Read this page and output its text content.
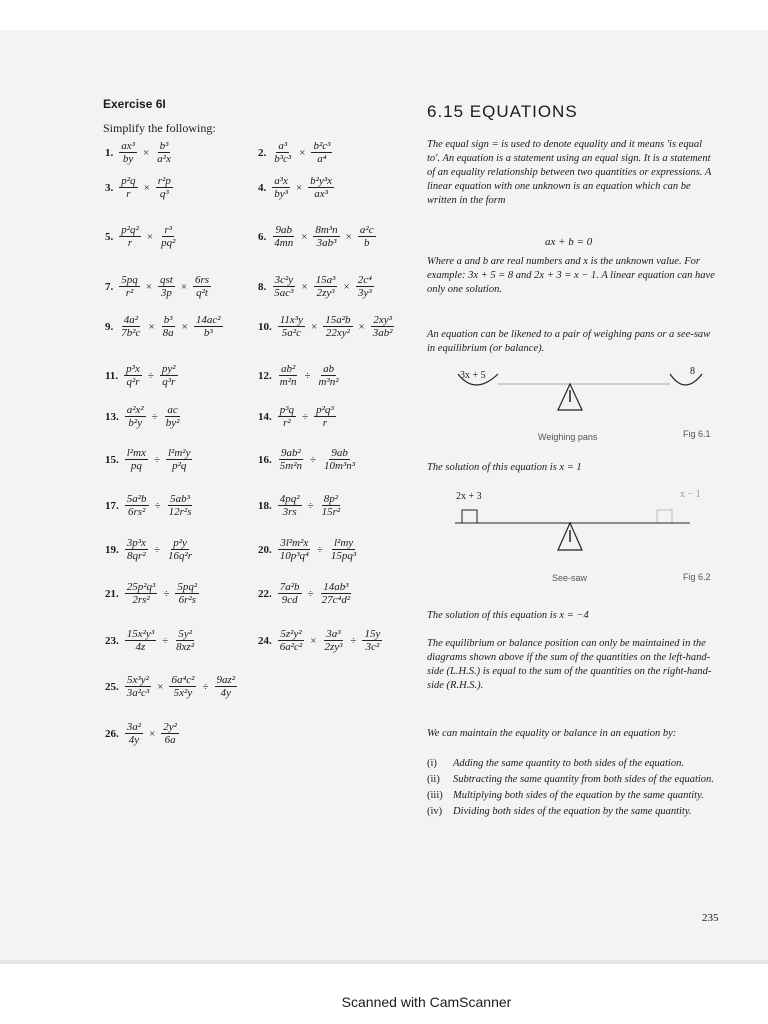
Exercise 6I
Simplify the following:
1. $\frac{\text{ax³}}{by} \times \frac{\text{b³}}{\text{a²x}}$	2. $\frac{\text{a³}}{\text{b³c³}} \times \frac{\text{b²c³}}{\text{a⁴}}$
3. $\frac{\text{p²q}}{r} \times \frac{\text{r²p}}{\text{q³}}$	4. $\frac{\text{a³x}}{\text{by³}} \times \frac{\text{b²y³x}}{\text{ax³}}$
5. $\frac{\text{p²q²}}{r} \times \frac{\text{r³}}{\text{pq²}}$	6. $\frac{9ab}{4mn} \times \frac{\text{8m³n}}{\text{3ab³}} \times \frac{\text{a²c}}{b}$
7. $\frac{5pq}{\text{r²}} \times \frac{\text{qst}}{3p} \times \frac{6rs}{\text{q²t}}$	8. $\frac{\text{3c²y}}{\text{5ac³}} \times \frac{\text{15a³}}{\text{2zy³}} \times \frac{\text{2c⁴}}{\text{3y³}}$
9. $\frac{\text{4a²}}{\text{7b²c}} \times \frac{\text{b³}}{8a} \times \frac{\text{14ac²}}{\text{b³}}$	10. $\frac{\text{11x³y}}{\text{5a²c}} \times \frac{\text{15a²b}}{\text{22xy²}} \times \frac{\text{2xy³}}{\text{3ab²}}$
11. $\frac{\text{p³x}}{\text{q²r}} \div \frac{\text{py²}}{\text{q³r}}$	12. $\frac{\text{ab²}}{\text{m²n}} \div \frac{ab}{\text{m³n²}}$
13. $\frac{\text{a²x²}}{\text{b²y}} \div \frac{ac}{\text{by²}}$	14. $\frac{\text{p³q}}{\text{r²}} \div \frac{\text{p²q³}}{r}$
15. $\frac{\text{l²mx}}{pq} \div \frac{\text{l²m²y}}{\text{p²q}}$	16. $\frac{\text{9ab²}}{\text{5m²n}} \div \frac{9ab}{\text{10m³n³}}$
17. $\frac{\text{5a²b}}{\text{6rs²}} \div \frac{\text{5ab³}}{\text{12r²s}}$	18. $\frac{\text{4pq²}}{3rs} \div \frac{\text{8p²}}{\text{15r²}}$
19. $\frac{\text{3p³x}}{\text{8qr²}} \div \frac{\text{p²y}}{\text{16q²r}}$	20. $\frac{\text{3l²m²x}}{\text{10p³q⁴}} \div \frac{\text{l²my}}{\text{15pq³}}$
21. $\frac{\text{25p²q³}}{\text{2rs²}} \div \frac{\text{5pq²}}{\text{6r²s}}$	22. $\frac{\text{7a²b}}{9cd} \div \frac{\text{14ab³}}{\text{27c⁴d²}}$
23. $\frac{\text{15x²y³}}{4z} \div \frac{\text{5y²}}{\text{8xz²}}$	24. $\frac{\text{5z²y²}}{\text{6a²c²}} \times \frac{\text{3a³}}{\text{2zy³}} \div \frac{15y}{\text{3c²}}$
25. $\frac{\text{5x³y²}}{\text{3a²c³}} \times \frac{\text{6a⁴c²}}{\text{5x²y}} \div \frac{\text{9az²}}{4y}$
26. $\frac{\text{3a²}}{4y} \times \frac{\text{2y²}}{6a}$
6.15 EQUATIONS
The equal sign = is used to denote equality and it means 'is equal to'. An equation is a statement using an equal sign. It is a statement of an equality relationship between two quantities or expressions. A linear equation with one unknown is an equation which can be written in the form
ax + b = 0
Where a and b are real numbers and x is the unknown value. For example: 3x + 5 = 8 and 2x + 3 = x − 1. A linear equation can have only one solution.
An equation can be likened to a pair of weighing pans or a see-saw in equilibrium (or balance).
3x + 5	8
Weighing pans	Fig 6.1
The solution of this equation is x = 1
2x + 3	x − 1
See-saw	Fig 6.2
The solution of this equation is x = −4
The equilibrium or balance position can only be maintained in the diagrams shown above if the sum of the quantities on the left-hand-side (L.H.S.) is equal to the sum of the quantities on the right-hand-side (R.H.S.).
We can maintain the equality or balance in an equation by:
(i)	Adding the same quantity to both sides of the equation.
(ii)	Subtracting the same quantity from both sides of the equation.
(iii) Multiplying both sides of the equation by the same quantity.
(iv) Dividing both sides of the equation by the same quantity.
235
Scanned with CamScanner
